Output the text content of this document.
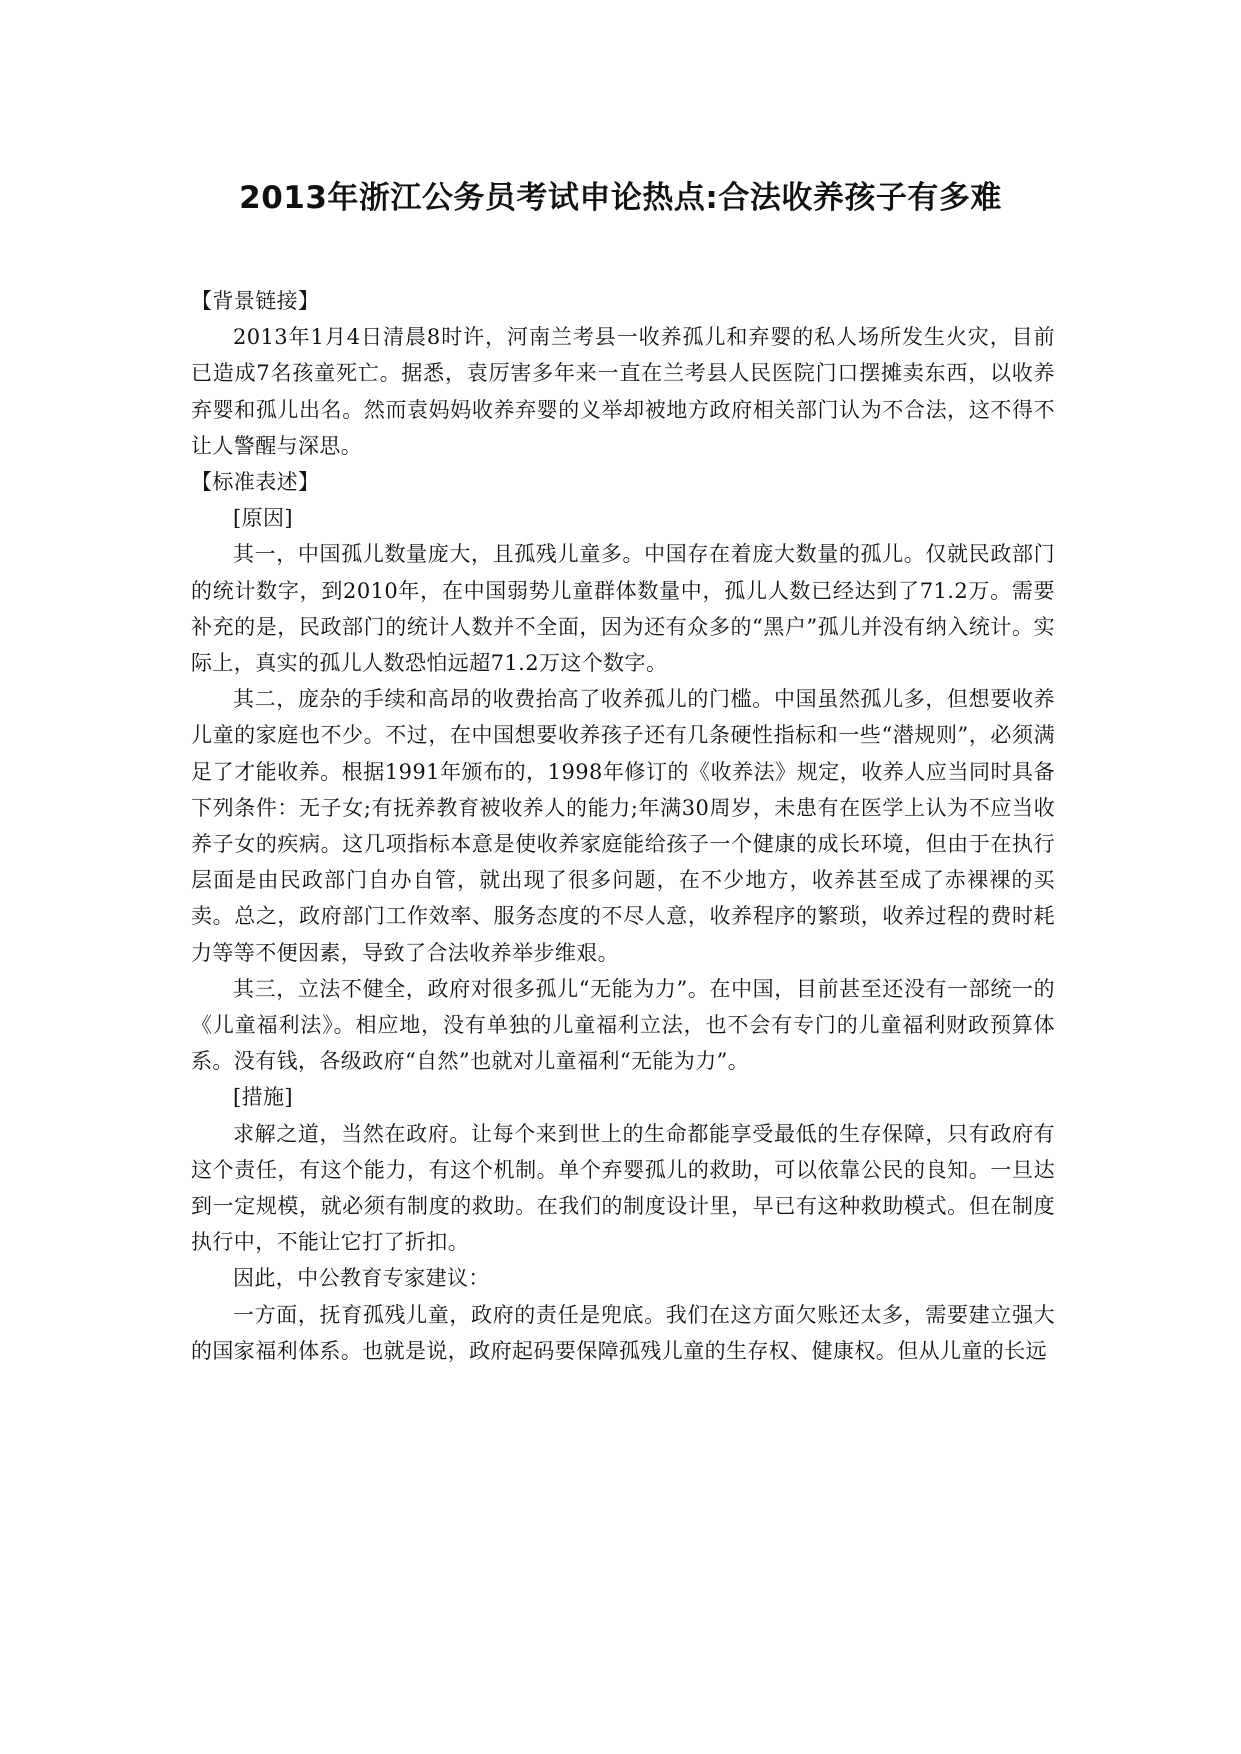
2013年浙江公务员考试申论热点:合法收养孩子有多难

【背景链接】

2013年1月4日清晨8时许，河南兰考县一收养孤儿和弃婴的私人场所发生火灾，目前已造成7名孩童死亡。据悉，袁厉害多年来一直在兰考县人民医院门口摆摊卖东西，以收养弃婴和孤儿出名。然而袁妈妈收养弃婴的义举却被地方政府相关部门认为不合法，这不得不让人警醒与深思。

【标准表述】

[原因]

其一，中国孤儿数量庞大，且孤残儿童多。中国存在着庞大数量的孤儿。仅就民政部门的统计数字，到2010年，在中国弱势儿童群体数量中，孤儿人数已经达到了71.2万。需要补充的是，民政部门的统计人数并不全面，因为还有众多的“黑户”孤儿并没有纳入统计。实际上，真实的孤儿人数恐怕远超71.2万这个数字。

其二，庞杂的手续和高昂的收费抬高了收养孤儿的门槛。中国虽然孤儿多，但想要收养儿童的家庭也不少。不过，在中国想要收养孩子还有几条硬性指标和一些“潜规则”，必须满足了才能收养。根据1991年颁布的，1998年修订的《收养法》规定，收养人应当同时具备下列条件：无子女;有抚养教育被收养人的能力;年满30周岁，未患有在医学上认为不应当收养子女的疾病。这几项指标本意是使收养家庭能给孩子一个健康的成长环境，但由于在执行层面是由民政部门自办自管，就出现了很多问题，在不少地方，收养甚至成了赤裸裸的买卖。总之，政府部门工作效率、服务态度的不尽人意，收养程序的繁琐，收养过程的费时耗力等等不便因素，导致了合法收养举步维艰。

其三，立法不健全，政府对很多孤儿“无能为力”。在中国，目前甚至还没有一部统一的《儿童福利法》。相应地，没有单独的儿童福利立法，也不会有专门的儿童福利财政预算体系。没有钱，各级政府“自然”也就对儿童福利“无能为力”。

[措施]

求解之道，当然在政府。让每个来到世上的生命都能享受最低的生存保障，只有政府有这个责任，有这个能力，有这个机制。单个弃婴孤儿的救助，可以依靠公民的良知。一旦达到一定规模，就必须有制度的救助。在我们的制度设计里，早已有这种救助模式。但在制度执行中，不能让它打了折扣。

因此，中公教育专家建议：

一方面，抚育孤残儿童，政府的责任是兜底。我们在这方面欠账还太多，需要建立强大的国家福利体系。也就是说，政府起码要保障孤残儿童的生存权、健康权。但从儿童的长远
